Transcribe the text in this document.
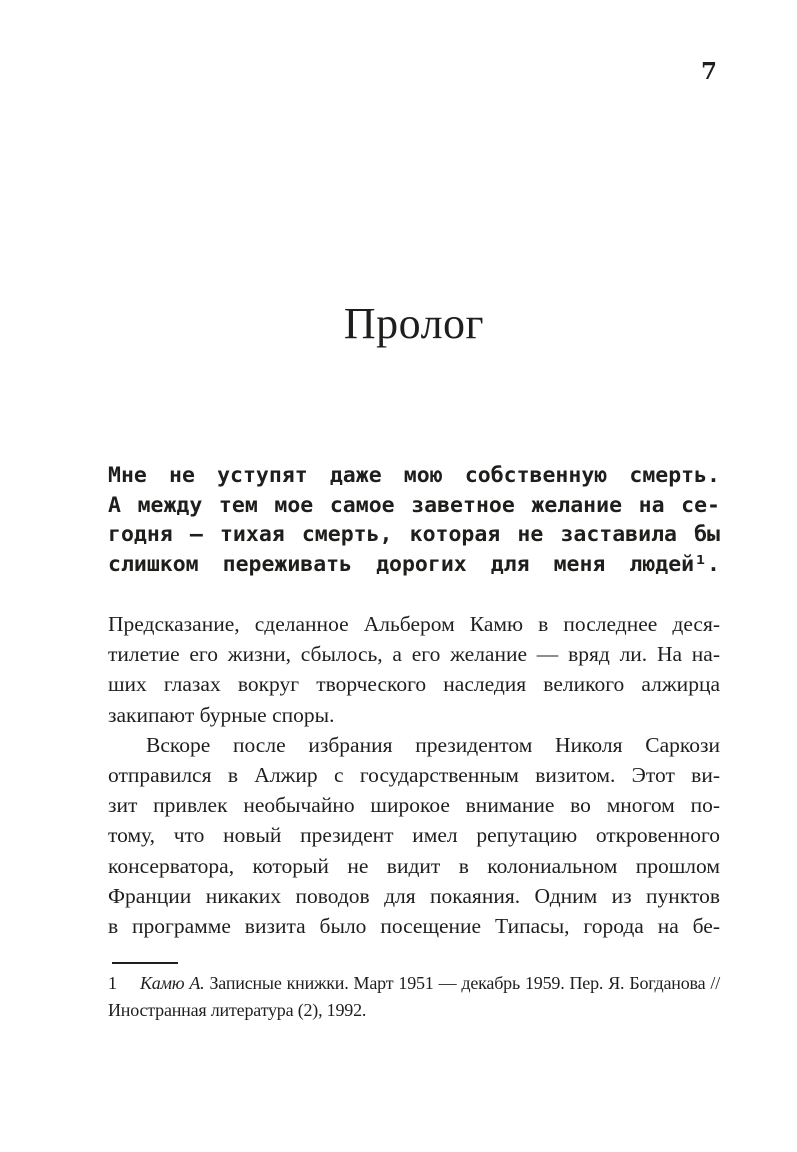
7
Пролог
Мне не уступят даже мою собственную смерть.
А между тем мое самое заветное желание на се-
годня — тихая смерть, которая не заставила бы
слишком переживать дорогих для меня людей¹.
Предсказание, сделанное Альбером Камю в последнее деся-
тилетие его жизни, сбылось, а его желание — вряд ли. На на-
ших глазах вокруг творческого наследия великого алжирца
закипают бурные споры.
Вскоре после избрания президентом Николя Саркози
отправился в Алжир с государственным визитом. Этот ви-
зит привлек необычайно широкое внимание во многом по-
тому, что новый президент имел репутацию откровенного
консерватора, который не видит в колониальном прошлом
Франции никаких поводов для покаяния. Одним из пунктов
в программе визита было посещение Типасы, города на бе-
1 Камю А. Записные книжки. Март 1951 — декабрь 1959. Пер. Я. Богданова //
Иностранная литература (2), 1992.
